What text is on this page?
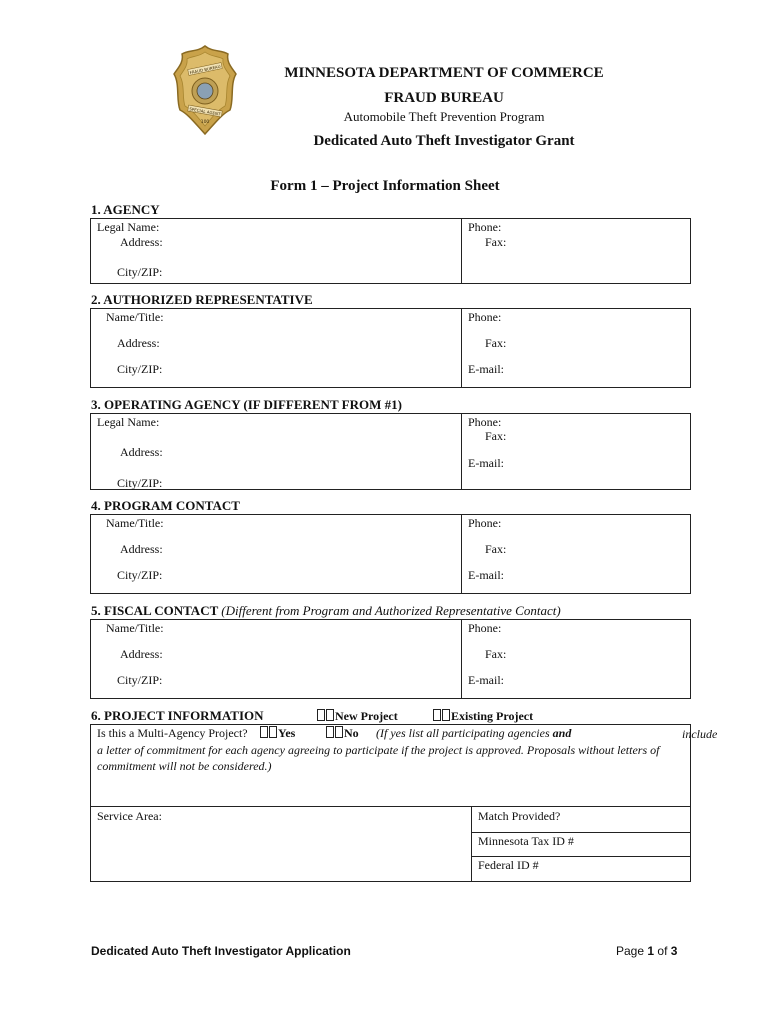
FRAUD BUREAU
SPECIAL AGENT
100
MINNESOTA DEPARTMENT OF COMMERCE
FRAUD BUREAU
Automobile Theft Prevention Program
Dedicated Auto Theft Investigator Grant
Form 1 – Project Information Sheet
1. AGENCY
Legal Name:
Address:
City/ZIP:
Phone:
Fax:
2. AUTHORIZED REPRESENTATIVE
Name/Title:
Address:
City/ZIP:
Phone:
Fax:
E-mail:
3. OPERATING AGENCY (IF DIFFERENT FROM #1)
Legal Name:
Address:
City/ZIP:
Phone:
Fax:
E-mail:
4. PROGRAM CONTACT
Name/Title:
Address:
City/ZIP:
Phone:
Fax:
E-mail:
5. FISCAL CONTACT (Different from Program and Authorized Representative Contact)
Name/Title:
Address:
City/ZIP:
Phone:
Fax:
E-mail:
6. PROJECT INFORMATION	New Project	Existing Project
Is this a Multi-Agency Project?	Yes	No (If yes list all participating agencies and	include a letter of commitment for each agency agreeing to participate if the project is approved. Proposals without letters of commitment will not be considered.)
Service Area:	Match Provided?
Minnesota Tax ID #
Federal ID #
Dedicated Auto Theft Investigator Application	Page 1 of 3
